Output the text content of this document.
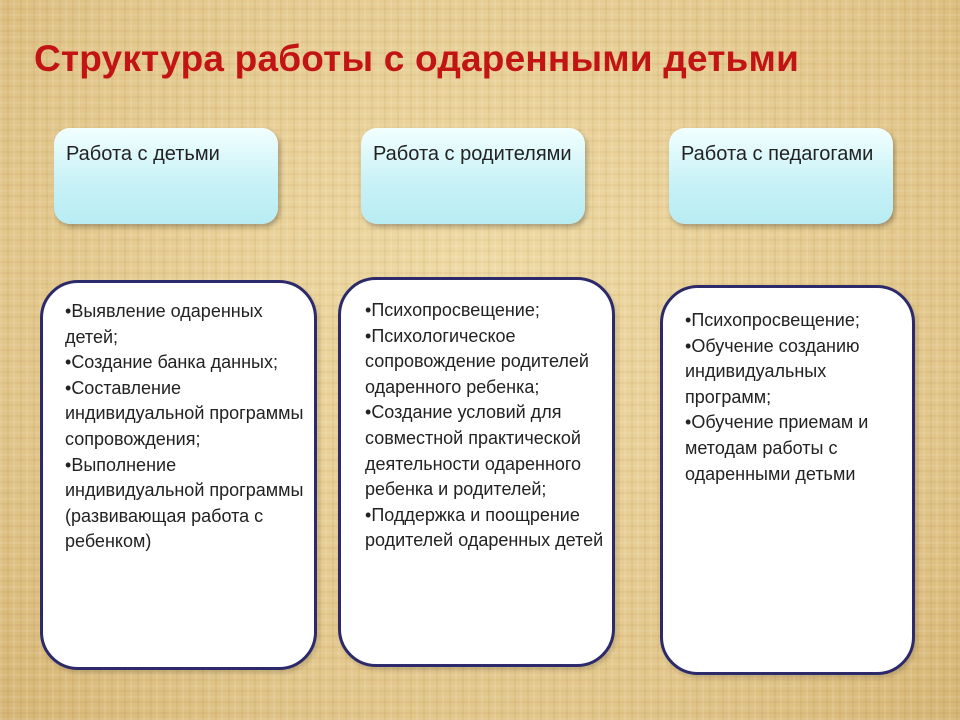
Структура работы с одаренными детьми
Работа с детьми	Работа с родителями	Работа с педагогами
• Выявление одаренных детей;
• Создание банка данных;
• Составление индивидуальной программы сопровождения;
• Выполнение индивидуальной программы (развивающая работа с ребенком)
• Психопросвещение;
• Психологическое сопровождение родителей одаренного ребенка;
• Создание условий для совместной практической деятельности одаренного ребенка и родителей;
• Поддержка и поощрение родителей одаренных детей
• Психопросвещение;
• Обучение созданию индивидуальных программ;
• Обучение приемам и методам работы с одаренными детьми
